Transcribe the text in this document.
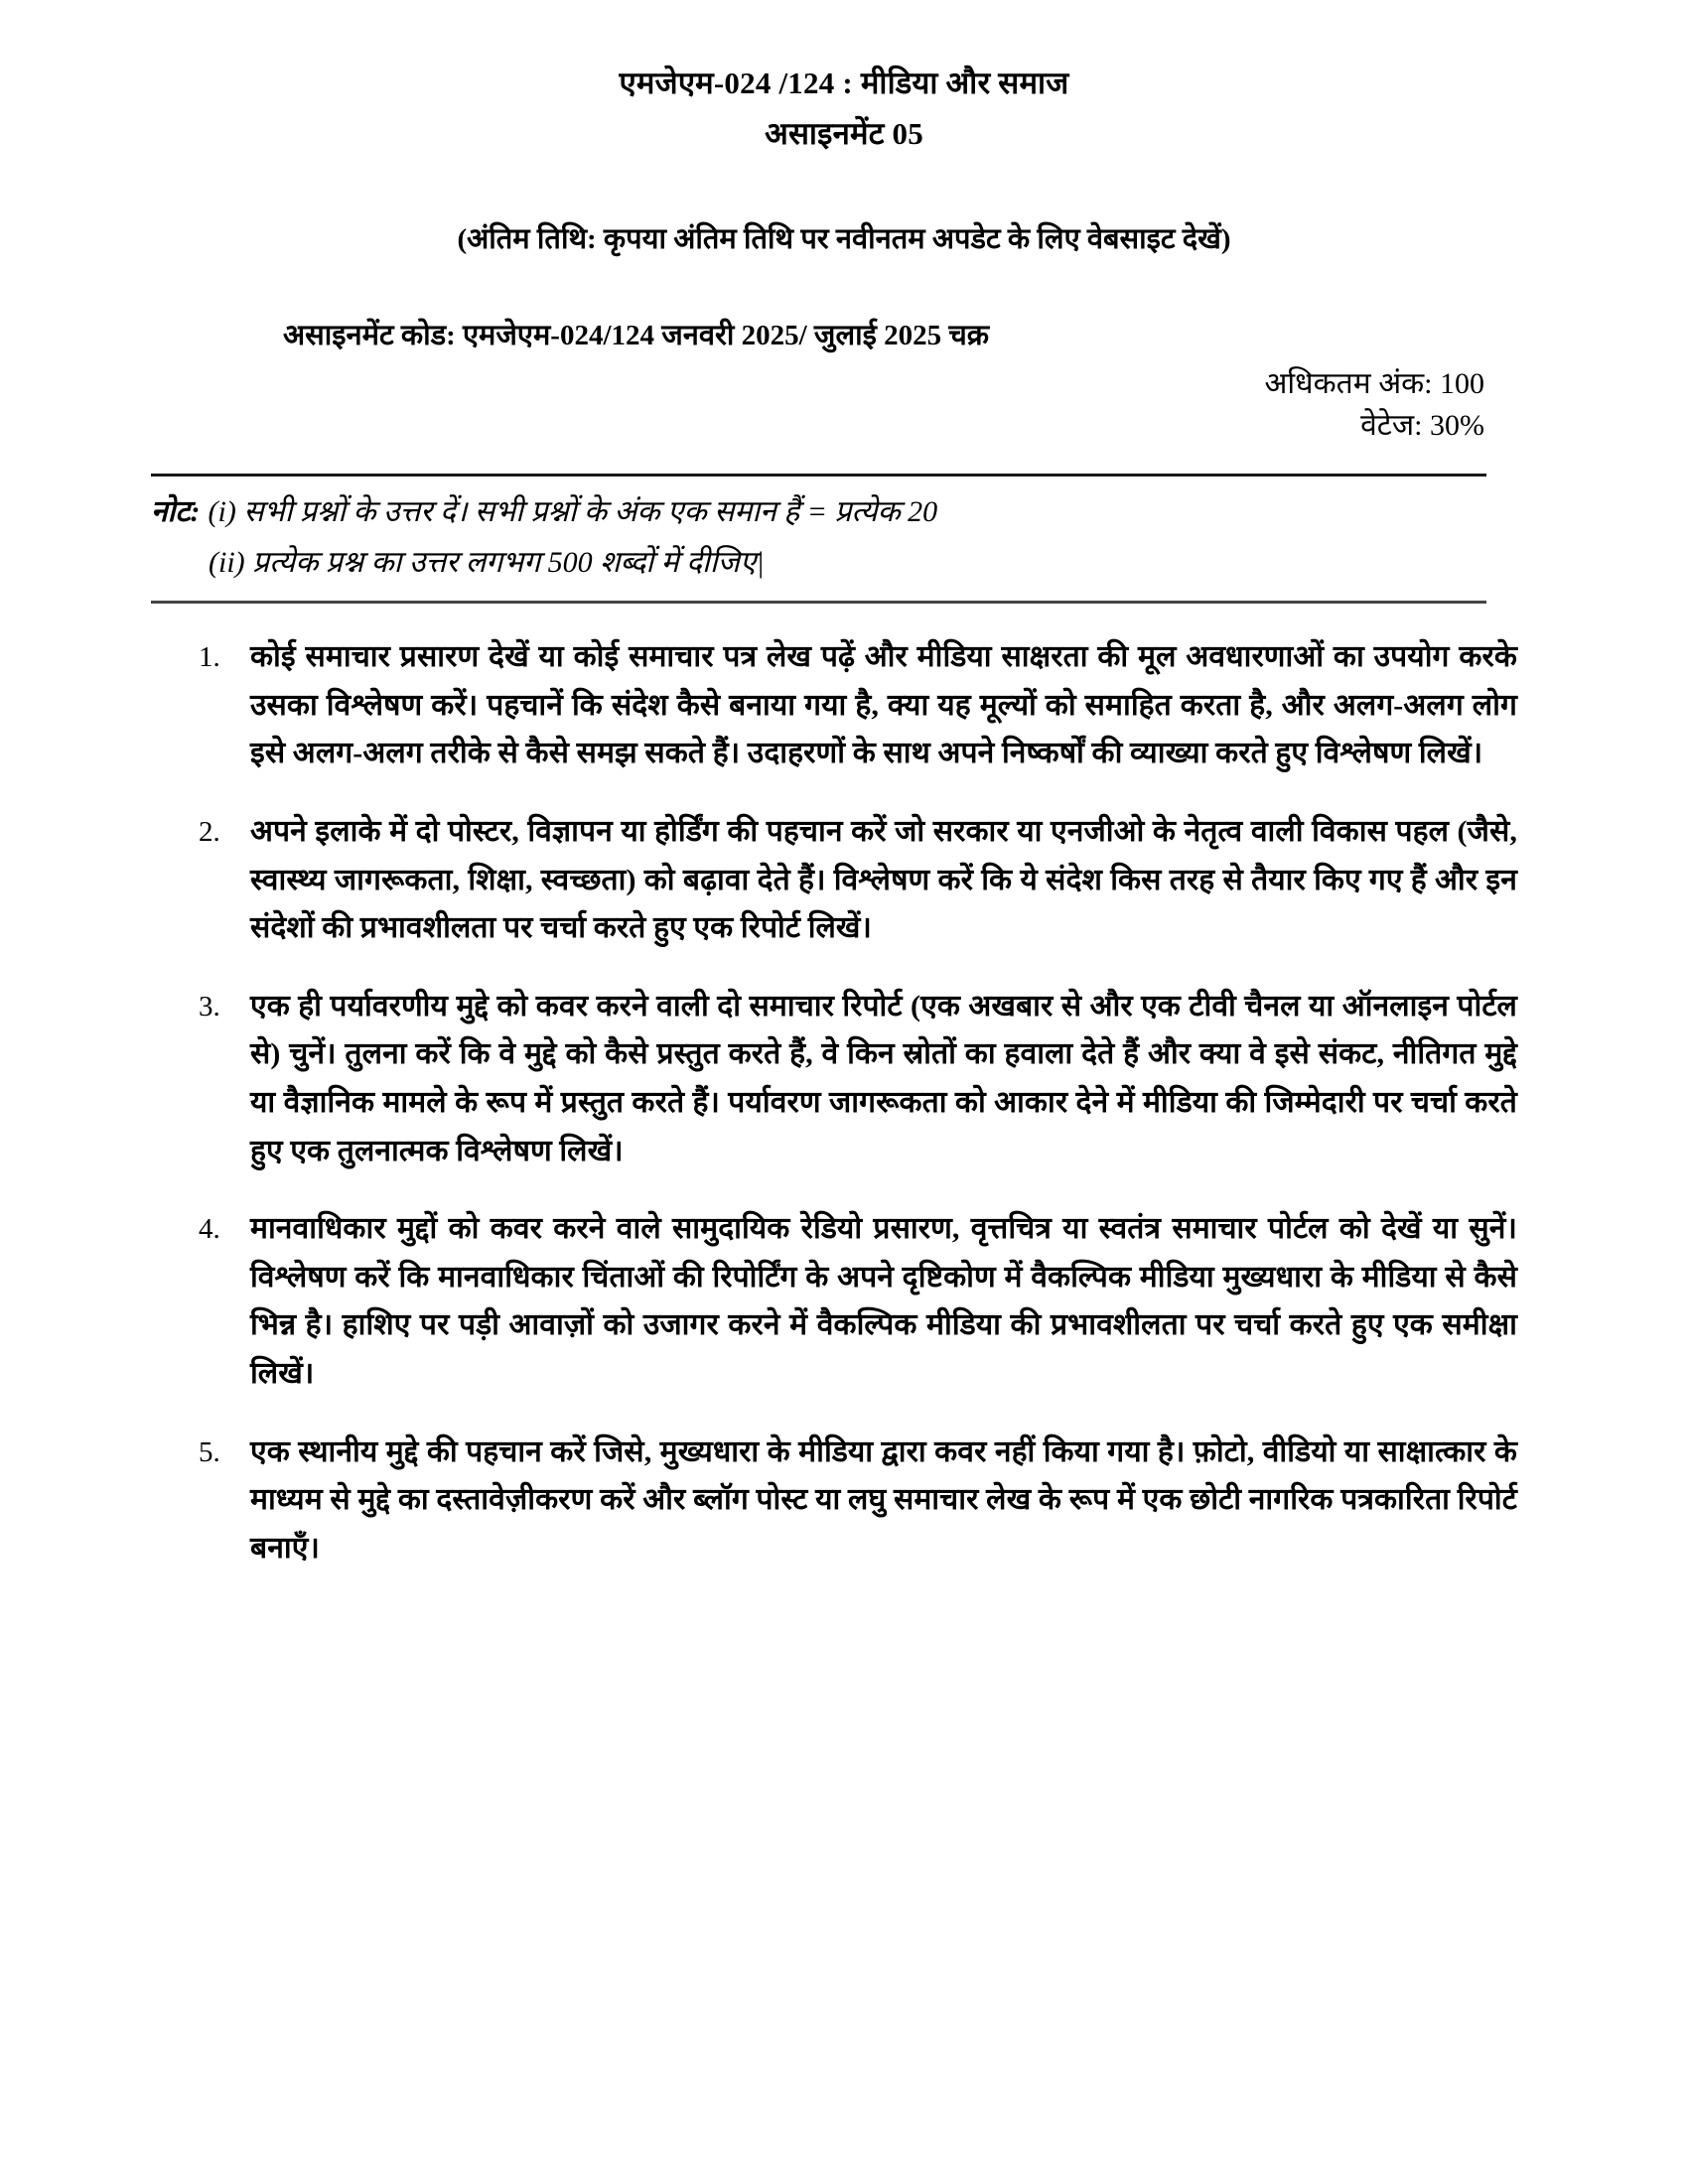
एमजेएम-024 /124 : मीडिया और समाज
असाइनमेंट 05
(अंतिम तिथि: कृपया अंतिम तिथि पर नवीनतम अपडेट के लिए वेबसाइट देखें)
असाइनमेंट कोड: एमजेएम-024/124 जनवरी 2025/ जुलाई 2025 चक्र
अधिकतम अंक: 100
वेटेज: 30%
नोट: (i) सभी प्रश्नों के उत्तर दें। सभी प्रश्नों के अंक एक समान हैं = प्रत्येक 20
(ii) प्रत्येक प्रश्न का उत्तर लगभग 500 शब्दों में दीजिए|
1.	कोई समाचार प्रसारण देखें या कोई समाचार पत्र लेख पढ़ें और मीडिया साक्षरता की मूल अवधारणाओं का उपयोग करके उसका विश्लेषण करें। पहचानें कि संदेश कैसे बनाया गया है, क्या यह मूल्यों को समाहित करता है, और अलग-अलग लोग इसे अलग-अलग तरीके से कैसे समझ सकते हैं। उदाहरणों के साथ अपने निष्कर्षों की व्याख्या करते हुए विश्लेषण लिखें।
2.	अपने इलाके में दो पोस्टर, विज्ञापन या होर्डिंग की पहचान करें जो सरकार या एनजीओ के नेतृत्व वाली विकास पहल (जैसे, स्वास्थ्य जागरूकता, शिक्षा, स्वच्छता) को बढ़ावा देते हैं। विश्लेषण करें कि ये संदेश किस तरह से तैयार किए गए हैं और इन संदेशों की प्रभावशीलता पर चर्चा करते हुए एक रिपोर्ट लिखें।
3.	एक ही पर्यावरणीय मुद्दे को कवर करने वाली दो समाचार रिपोर्ट (एक अखबार से और एक टीवी चैनल या ऑनलाइन पोर्टल से) चुनें। तुलना करें कि वे मुद्दे को कैसे प्रस्तुत करते हैं, वे किन स्रोतों का हवाला देते हैं और क्या वे इसे संकट, नीतिगत मुद्दे या वैज्ञानिक मामले के रूप में प्रस्तुत करते हैं। पर्यावरण जागरूकता को आकार देने में मीडिया की जिम्मेदारी पर चर्चा करते हुए एक तुलनात्मक विश्लेषण लिखें।
4.	मानवाधिकार मुद्दों को कवर करने वाले सामुदायिक रेडियो प्रसारण, वृत्तचित्र या स्वतंत्र समाचार पोर्टल को देखें या सुनें। विश्लेषण करें कि मानवाधिकार चिंताओं की रिपोर्टिंग के अपने दृष्टिकोण में वैकल्पिक मीडिया मुख्यधारा के मीडिया से कैसे भिन्न है। हाशिए पर पड़ी आवाज़ों को उजागर करने में वैकल्पिक मीडिया की प्रभावशीलता पर चर्चा करते हुए एक समीक्षा लिखें।
5.	एक स्थानीय मुद्दे की पहचान करें जिसे, मुख्यधारा के मीडिया द्वारा कवर नहीं किया गया है। फ़ोटो, वीडियो या साक्षात्कार के माध्यम से मुद्दे का दस्तावेज़ीकरण करें और ब्लॉग पोस्ट या लघु समाचार लेख के रूप में एक छोटी नागरिक पत्रकारिता रिपोर्ट बनाएँ।
